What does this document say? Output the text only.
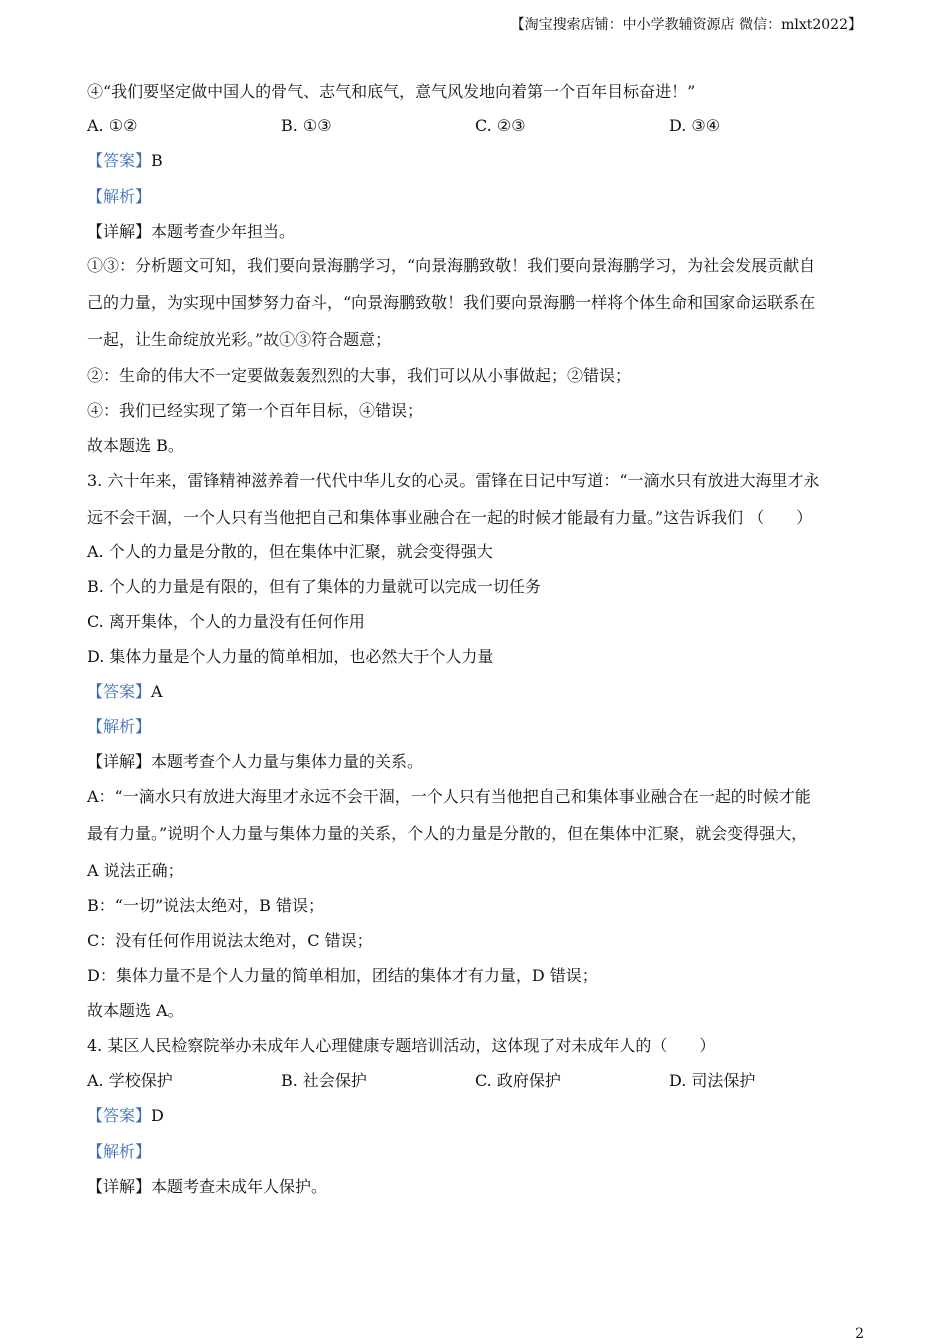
【淘宝搜索店铺：中小学教辅资源店 微信：mlxt2022】
④“我们要坚定做中国人的骨气、志气和底气，意气风发地向着第一个百年目标奋进！”
A. ①②	B. ①③	C. ②③	D. ③④
【答案】B
【解析】
【详解】本题考查少年担当。
①③：分析题文可知，我们要向景海鹏学习，“向景海鹏致敬！我们要向景海鹏学习，为社会发展贡献自
己的力量，为实现中国梦努力奋斗，“向景海鹏致敬！我们要向景海鹏一样将个体生命和国家命运联系在
一起，让生命绽放光彩。”故①③符合题意；
②：生命的伟大不一定要做轰轰烈烈的大事，我们可以从小事做起；②错误；
④：我们已经实现了第一个百年目标，④错误；
故本题选 B。
3. 六十年来，雷锋精神滋养着一代代中华儿女的心灵。雷锋在日记中写道：“一滴水只有放进大海里才永
远不会干涸，一个人只有当他把自己和集体事业融合在一起的时候才能最有力量。”这告诉我们 （　　）
A. 个人的力量是分散的，但在集体中汇聚，就会变得强大
B. 个人的力量是有限的，但有了集体的力量就可以完成一切任务
C. 离开集体，个人的力量没有任何作用
D. 集体力量是个人力量的简单相加，也必然大于个人力量
【答案】A
【解析】
【详解】本题考查个人力量与集体力量的关系。
A：“一滴水只有放进大海里才永远不会干涸，一个人只有当他把自己和集体事业融合在一起的时候才能
最有力量。”说明个人力量与集体力量的关系，个人的力量是分散的，但在集体中汇聚，就会变得强大，
A 说法正确；
B：“一切”说法太绝对，B 错误；
C：没有任何作用说法太绝对，C 错误；
D：集体力量不是个人力量的简单相加，团结的集体才有力量，D 错误；
故本题选 A。
4. 某区人民检察院举办未成年人心理健康专题培训活动，这体现了对未成年人的（　　）
A. 学校保护	B. 社会保护	C. 政府保护	D. 司法保护
【答案】D
【解析】
【详解】本题考查未成年人保护。
2
